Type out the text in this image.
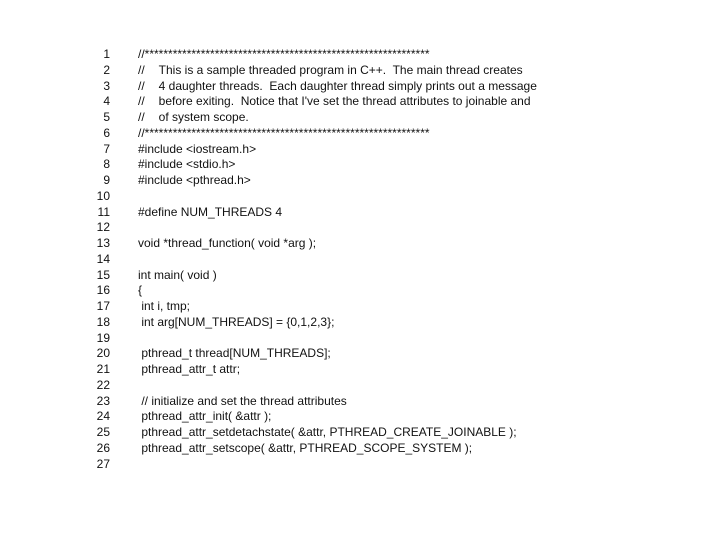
1 //*************************************************************
2 // This is a sample threaded program in C++.  The main thread creates
3 // 4 daughter threads.  Each daughter thread simply prints out a message
4 // before exiting.  Notice that I've set the thread attributes to joinable and
5 // of system scope.
6 //*************************************************************
7 #include <iostream.h>
8 #include <stdio.h>
9 #include <pthread.h>
10
11 #define NUM_THREADS 4
12
13 void *thread_function( void *arg );
14
15 int main( void )
16 {
17 int i, tmp;
18 int arg[NUM_THREADS] = {0,1,2,3};
19
20 pthread_t thread[NUM_THREADS];
21 pthread_attr_t attr;
22
23 // initialize and set the thread attributes
24 pthread_attr_init( &attr );
25 pthread_attr_setdetachstate( &attr, PTHREAD_CREATE_JOINABLE );
26 pthread_attr_setscope( &attr, PTHREAD_SCOPE_SYSTEM );
27
